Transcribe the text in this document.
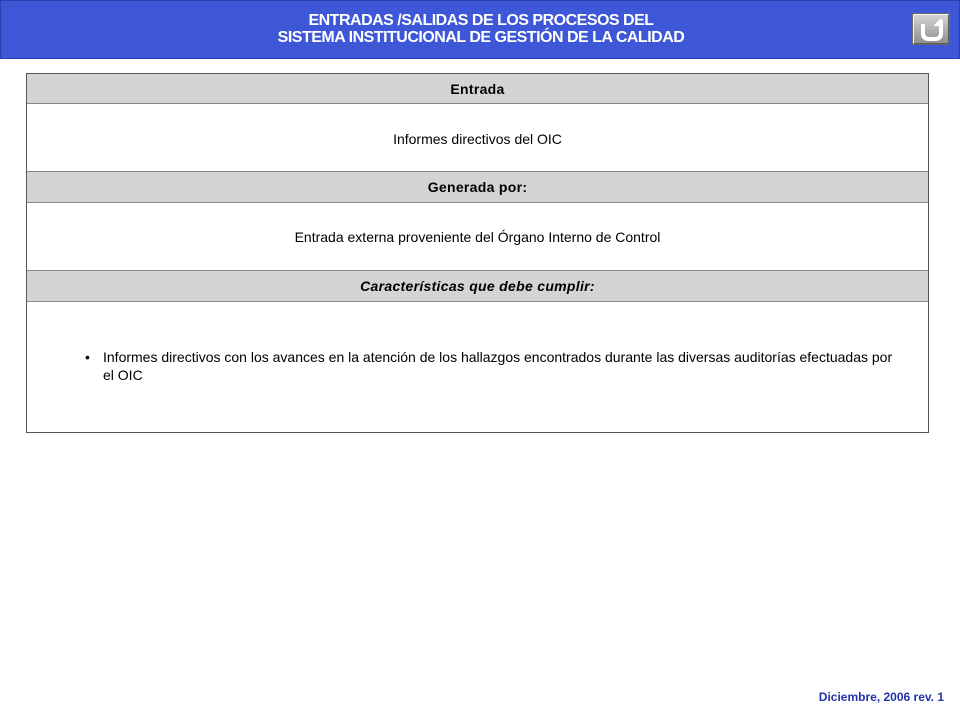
ENTRADAS /SALIDAS DE LOS PROCESOS DEL
SISTEMA INSTITUCIONAL DE GESTIÓN DE LA CALIDAD
Entrada
Informes directivos del OIC
Generada por:
Entrada externa proveniente del Órgano Interno de Control
Características que debe cumplir:
• Informes directivos con los avances en la atención de los hallazgos encontrados durante las diversas auditorías efectuadas por el OIC
Diciembre, 2006 rev. 1
